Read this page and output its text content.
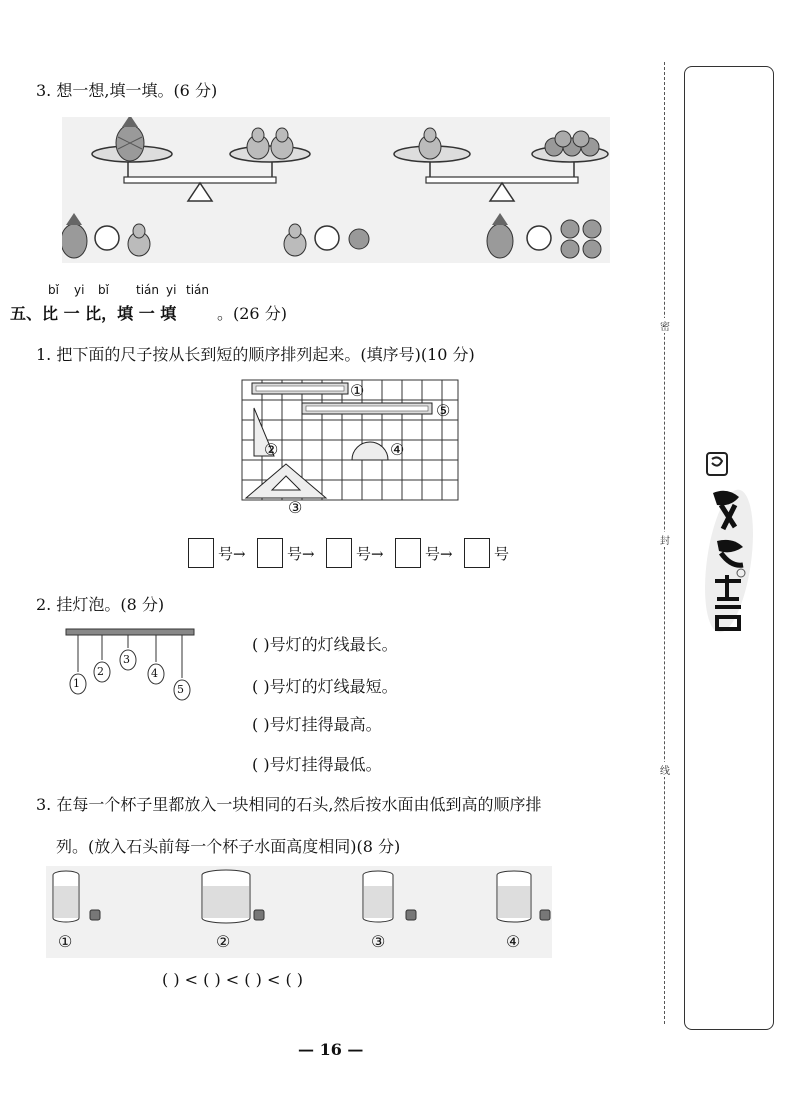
3. 想一想,填一填。(6 分)
bǐ yi bǐ tián yi tián
五、比 一 比，填 一 填	。(26 分)
1. 把下面的尺子按从长到短的顺序排列起来。(填序号)(10 分)
①
⑤
②	④
③
号→	号→	号→	号→	号
2. 挂灯泡。(8 分)
1
2
3
4
5
( )号灯的灯线最长。
( )号灯的灯线最短。
( )号灯挂得最高。
( )号灯挂得最低。
3. 在每一个杯子里都放入一块相同的石头,然后按水面由低到高的顺序排
列。(放入石头前每一个杯子水面高度相同)(8 分)
①	②	③	④
( ) < ( ) < ( ) < ( )
— 16 —
密
封
线
